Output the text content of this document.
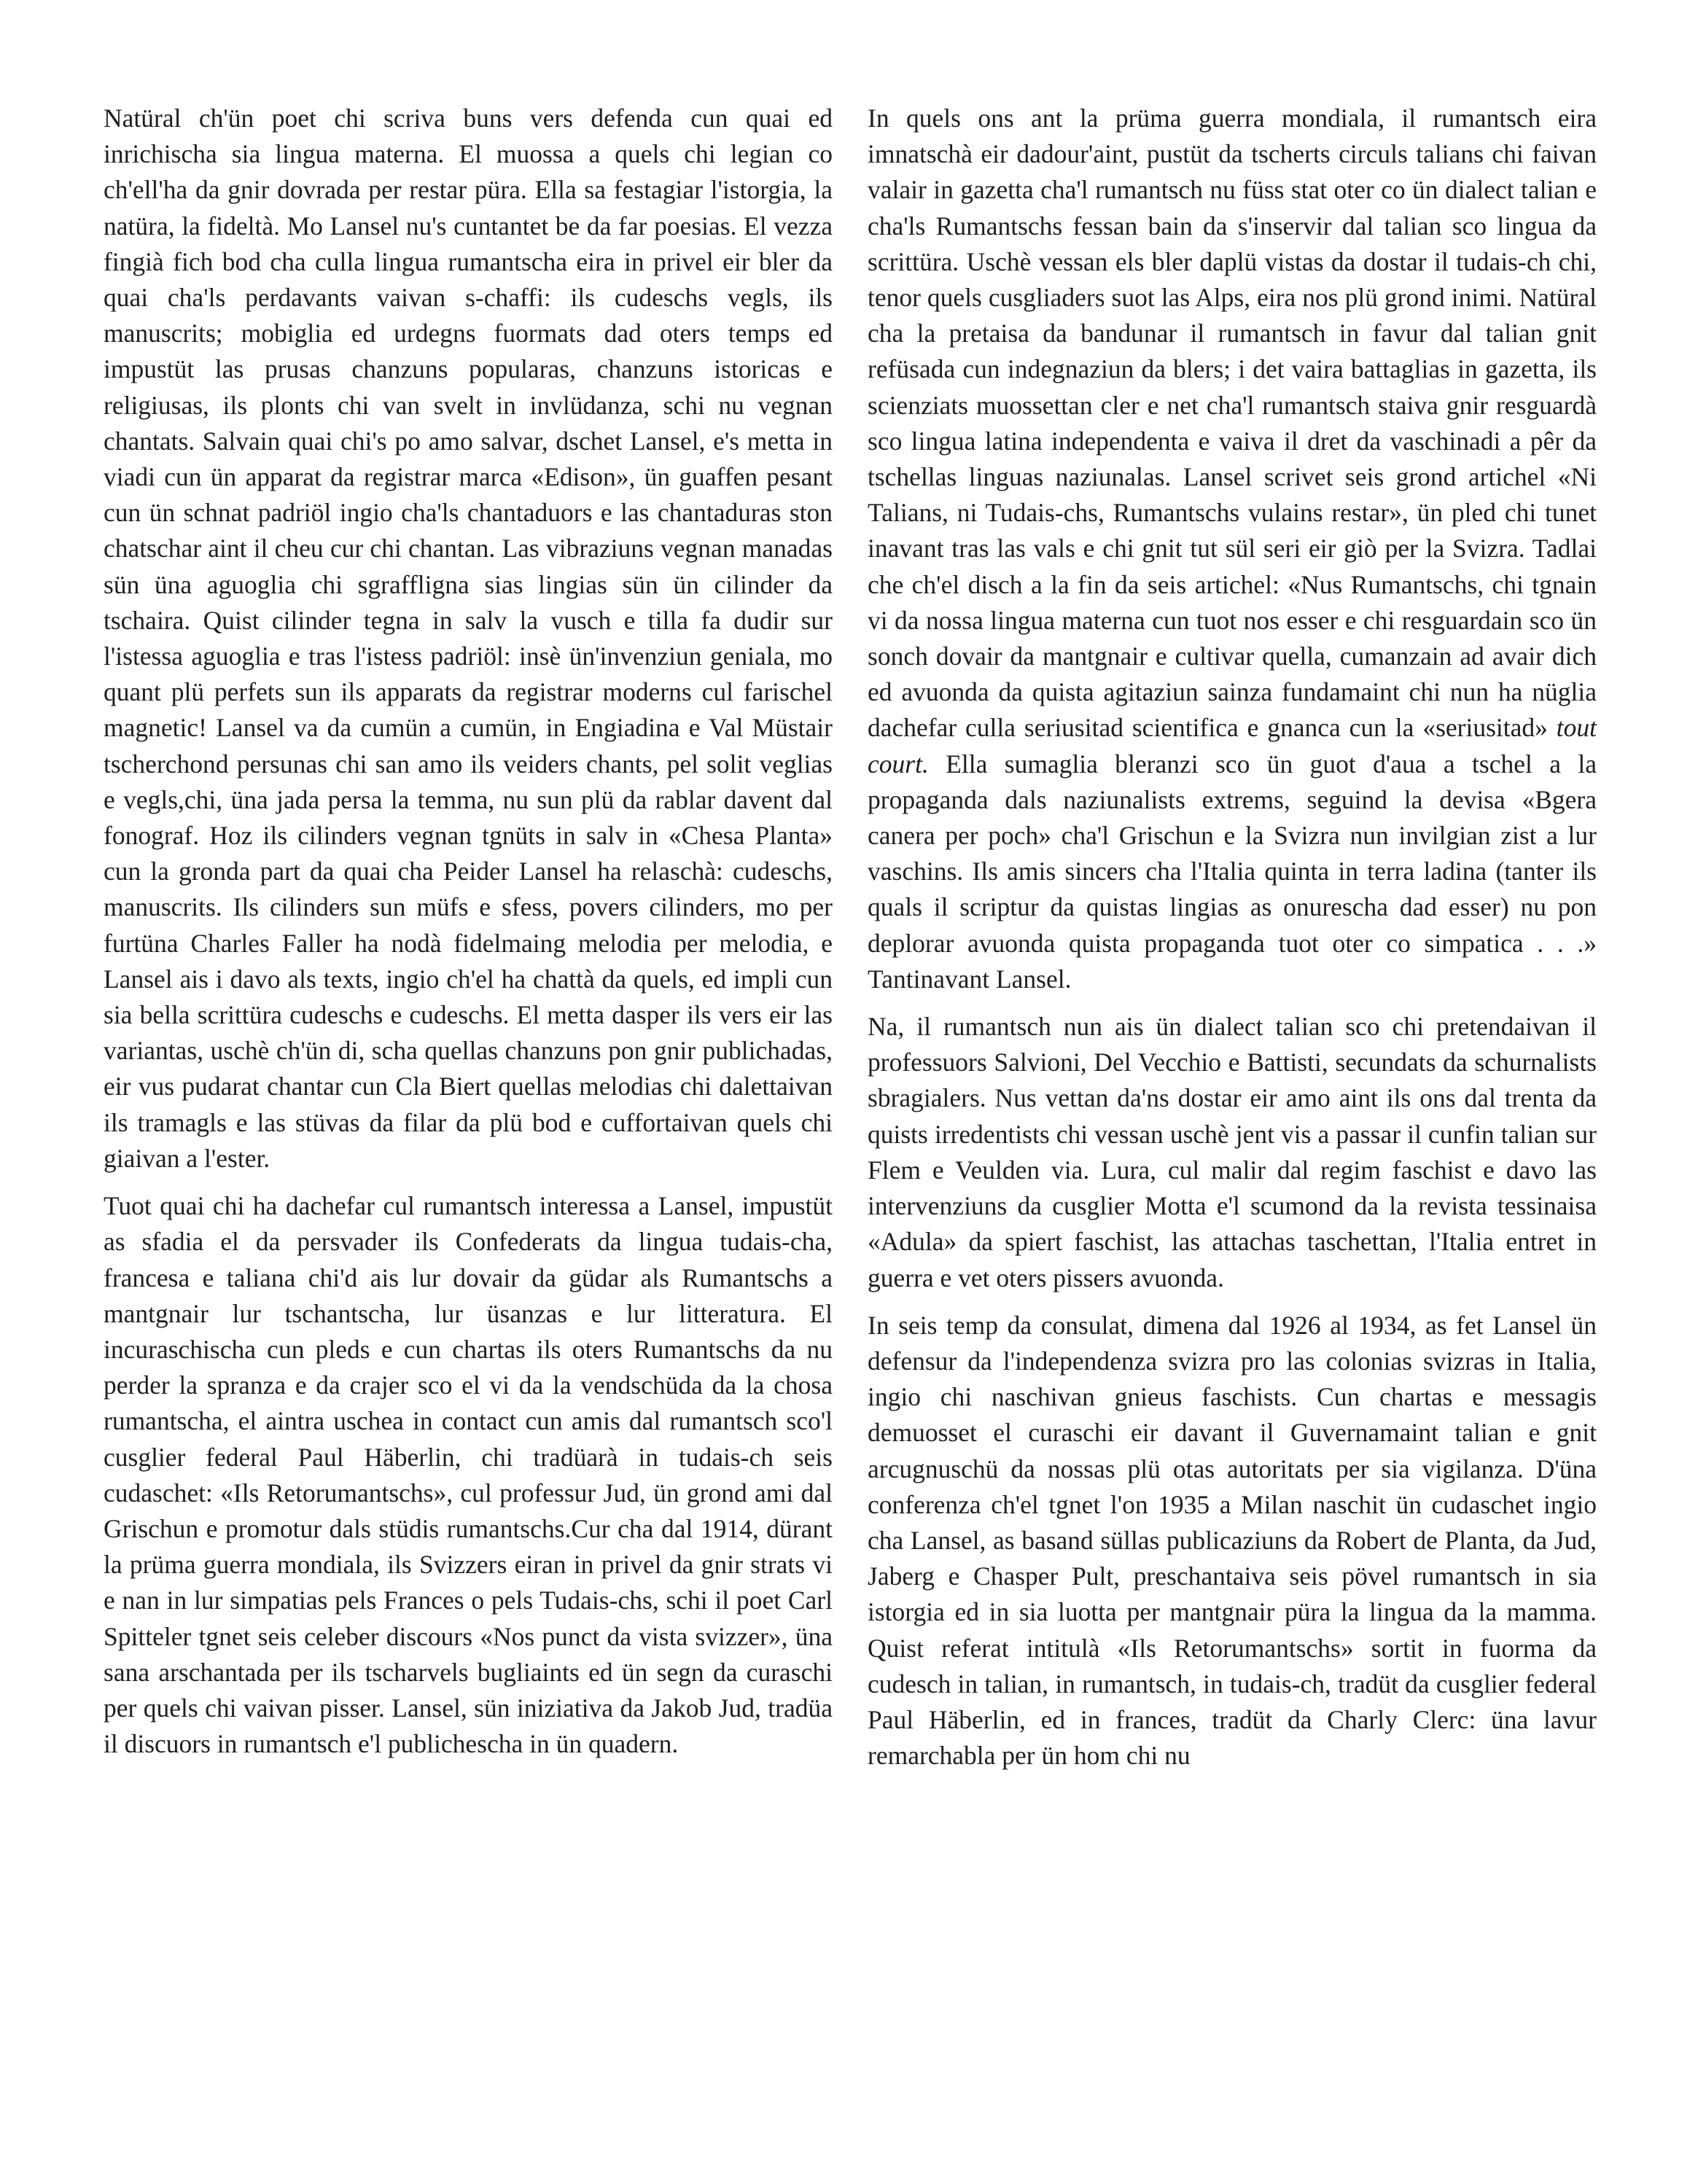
Natüral ch'ün poet chi scriva buns vers defenda cun quai ed inrichischa sia lingua materna. El muossa a quels chi legian co ch'ell'ha da gnir dovrada per restar püra. Ella sa festagiar l'istorgia, la natüra, la fideltà. Mo Lansel nu's cuntantet be da far poesias. El vezza fingià fich bod cha culla lingua rumantscha eira in privel eir bler da quai cha'ls perdavants vaivan s-chaffi: ils cudeschs vegls, ils manuscrits; mobiglia ed urdegns fuormats dad oters temps ed impustüt las prusas chanzuns popularas, chanzuns istoricas e religiusas, ils plonts chi van svelt in invlüdanza, schi nu vegnan chantats. Salvain quai chi's po amo salvar, dschet Lansel, e's metta in viadi cun ün apparat da registrar marca «Edison», ün guaffen pesant cun ün schnat padriöl ingio cha'ls chantaduors e las chantaduras ston chatschar aint il cheu cur chi chantan. Las vibraziuns vegnan manadas sün üna aguoglia chi sgraffligna sias lingias sün ün cilinder da tschaira. Quist cilinder tegna in salv la vusch e tilla fa dudir sur l'istessa aguoglia e tras l'istess padriöl: insè ün'invenziun geniala, mo quant plü perfets sun ils apparats da registrar moderns cul farischel magnetic! Lansel va da cumün a cumün, in Engiadina e Val Müstair tscherchond persunas chi san amo ils veiders chants, pel solit veglias e vegls,chi, üna jada persa la temma, nu sun plü da rablar davent dal fonograf. Hoz ils cilinders vegnan tgnüts in salv in «Chesa Planta» cun la gronda part da quai cha Peider Lansel ha relaschà: cudeschs, manuscrits. Ils cilinders sun müfs e sfess, povers cilinders, mo per furtüna Charles Faller ha nodà fidelmaing melodia per melodia, e Lansel ais i davo als texts, ingio ch'el ha chattà da quels, ed impli cun sia bella scrittüra cudeschs e cudeschs. El metta dasper ils vers eir las variantas, uschè ch'ün di, scha quellas chanzuns pon gnir publichadas, eir vus pudarat chantar cun Cla Biert quellas melodias chi dalettaivan ils tramagls e las stüvas da filar da plü bod e cuffortaivan quels chi giaivan a l'ester.

Tuot quai chi ha dachefar cul rumantsch interessa a Lansel, impustüt as sfadia el da persvader ils Confederats da lingua tudais-cha, francesa e taliana chi'd ais lur dovair da güdar als Rumantschs a mantgnair lur tschantscha, lur üsanzas e lur litteratura. El incuraschischa cun pleds e cun chartas ils oters Rumantschs da nu perder la spranza e da crajer sco el vi da la vendschüda da la chosa rumantscha, el aintra uschea in contact cun amis dal rumantsch sco'l cusglier federal Paul Häberlin, chi tradüarà in tudais-ch seis cudaschet: «Ils Retorumantschs», cul professur Jud, ün grond ami dal Grischun e promotur dals stüdis rumantschs.Cur cha dal 1914, dürant la prüma guerra mondiala, ils Svizzers eiran in privel da gnir strats vi e nan in lur simpatias pels Frances o pels Tudais-chs, schi il poet Carl Spitteler tgnet seis celeber discours «Nos punct da vista svizzer», üna sana arschantada per ils tscharvels bugliaints ed ün segn da curaschi per quels chi vaivan pisser. Lansel, sün iniziativa da Jakob Jud, tradüa il discuors in rumantsch e'l publichescha in ün quadern.

In quels ons ant la prüma guerra mondiala, il rumantsch eira imnatschà eir dadour'aint, pustüt da tscherts circuls talians chi faivan valair in gazetta cha'l rumantsch nu füss stat oter co ün dialect talian e cha'ls Rumantschs fessan bain da s'inservir dal talian sco lingua da scrittüra. Uschè vessan els bler daplü vistas da dostar il tudais-ch chi, tenor quels cusgliaders suot las Alps, eira nos plü grond inimi. Natüral cha la pretaisa da bandunar il rumantsch in favur dal talian gnit refüsada cun indegnaziun da blers; i det vaira battaglias in gazetta, ils scienziats muossettan cler e net cha'l rumantsch staiva gnir resguardà sco lingua latina independenta e vaiva il dret da vaschinadi a pêr da tschellas linguas naziunalas. Lansel scrivet seis grond artichel «Ni Talians, ni Tudais-chs, Rumantschs vulains restar», ün pled chi tunet inavant tras las vals e chi gnit tut sül seri eir giò per la Svizra. Tadlai che ch'el disch a la fin da seis artichel: «Nus Rumantschs, chi tgnain vi da nossa lingua materna cun tuot nos esser e chi resguardain sco ün sonch dovair da mantgnair e cultivar quella, cumanzain ad avair dich ed avuonda da quista agitaziun sainza fundamaint chi nun ha nüglia dachefar culla seriusitad scientifica e gnanca cun la «seriusitad» tout court. Ella sumaglia bleranzi sco ün guot d'aua a tschel a la propaganda dals naziunalists extrems, seguind la devisa «Bgera canera per poch» cha'l Grischun e la Svizra nun invilgian zist a lur vaschins. Ils amis sincers cha l'Italia quinta in terra ladina (tanter ils quals il scriptur da quistas lingias as onurescha dad esser) nu pon deplorar avuonda quista propaganda tuot oter co simpatica . . .» Tantinavant Lansel.

Na, il rumantsch nun ais ün dialect talian sco chi pretendaivan il professuors Salvioni, Del Vecchio e Battisti, secundats da schurnalists sbragialers. Nus vettan da'ns dostar eir amo aint ils ons dal trenta da quists irredentists chi vessan uschè jent vis a passar il cunfin talian sur Flem e Veulden via. Lura, cul malir dal regim faschist e davo las intervenziuns da cusglier Motta e'l scumond da la revista tessinaisa «Adula» da spiert faschist, las attachas taschettan, l'Italia entret in guerra e vet oters pissers avuonda.

In seis temp da consulat, dimena dal 1926 al 1934, as fet Lansel ün defensur da l'independenza svizra pro las colonias svizras in Italia, ingio chi naschivan gnieus faschists. Cun chartas e messagis demuosset el curaschi eir davant il Guvernamaint talian e gnit arcugnuschü da nossas plü otas autoritats per sia vigilanza. D'üna conferenza ch'el tgnet l'on 1935 a Milan naschit ün cudaschet ingio cha Lansel, as basand süllas publicaziuns da Robert de Planta, da Jud, Jaberg e Chasper Pult, preschantaiva seis pövel rumantsch in sia istorgia ed in sia luotta per mantgnair püra la lingua da la mamma. Quist referat intitulà «Ils Retorumantschs» sortit in fuorma da cudesch in talian, in rumantsch, in tudais-ch, tradüt da cusglier federal Paul Häberlin, ed in frances, tradüt da Charly Clerc: üna lavur remarchabla per ün hom chi nu
